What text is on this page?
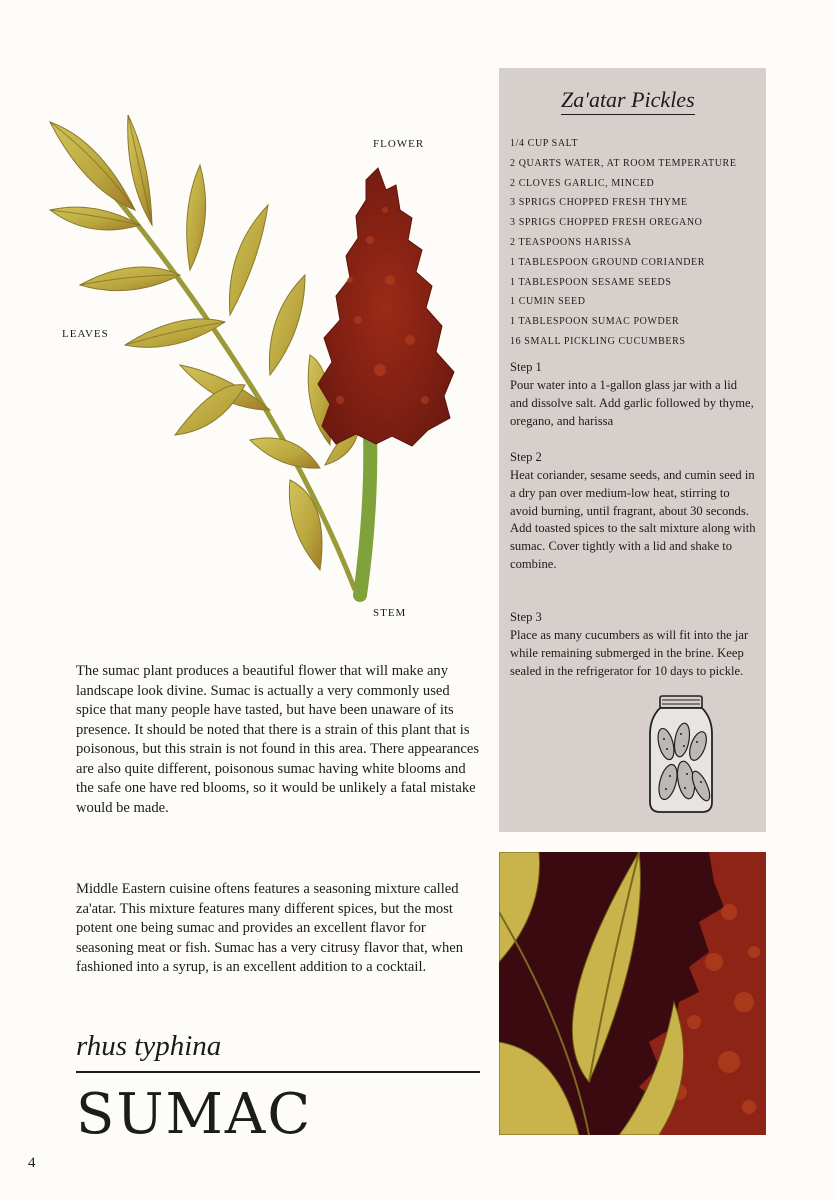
FLOWER
LEAVES
STEM

The sumac plant produces a beautiful flower that will make any landscape look divine. Sumac is actually a very commonly used spice that many people have tasted, but have been unaware of its presence. It should be noted that there is a strain of this plant that is poisonous, but this strain is not found in this area. There appearances are also quite different, poisonous sumac having white blooms and the safe one have red blooms, so it would be unlikely a fatal mistake would be made.

Middle Eastern cuisine oftens features a seasoning mixture called za'atar. This mixture features many different spices, but the most potent one being sumac and provides an excellent flavor for seasoning meat or fish. Sumac has a very citrusy flavor that, when fashioned into a syrup, is an excellent addition to a cocktail.

rhus typhina
SUMAC
4
Za'atar Pickles
1/4 CUP SALT
2 QUARTS WATER, AT ROOM TEMPERATURE
2 CLOVES GARLIC, MINCED
3 SPRIGS CHOPPED FRESH THYME
3 SPRIGS CHOPPED FRESH OREGANO
2 TEASPOONS HARISSA
1 TABLESPOON GROUND CORIANDER
1 TABLESPOON SESAME SEEDS
1 CUMIN SEED
1 TABLESPOON SUMAC POWDER
16 SMALL PICKLING CUCUMBERS

Step 1

Pour water into a 1-gallon glass jar with a lid and dissolve salt. Add garlic followed by thyme, oregano, and harissa

Step 2

Heat coriander, sesame seeds, and cumin seed in a dry pan over medium-low heat, stirring to avoid burning, until fragrant, about 30 seconds. Add toasted spices to the salt mixture along with sumac. Cover tightly with a lid and shake to combine.

Step 3

Place as many cucumbers as will fit into the jar while remaining submerged in the brine. Keep sealed in the refrigerator for 10 days to pickle.
